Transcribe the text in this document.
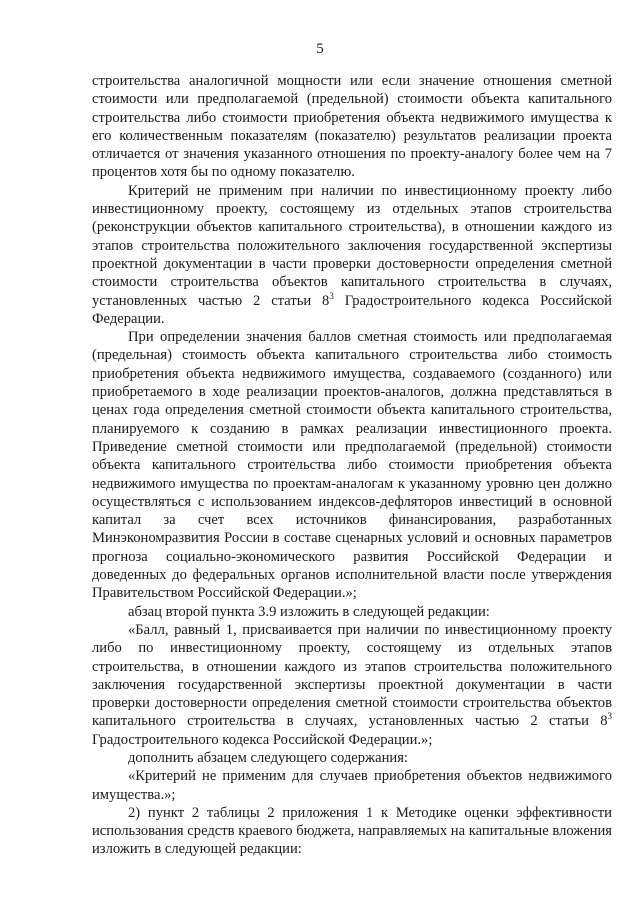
5

строительства аналогичной мощности или если значение отношения сметной стоимости или предполагаемой (предельной) стоимости объекта капитального строительства либо стоимости приобретения объекта недвижимого имущества к его количественным показателям (показателю) результатов реализации проекта отличается от значения указанного отношения по проекту-аналогу более чем на 7 процентов хотя бы по одному показателю.

Критерий не применим при наличии по инвестиционному проекту либо инвестиционному проекту, состоящему из отдельных этапов строительства (реконструкции объектов капитального строительства), в отношении каждого из этапов строительства положительного заключения государственной экспертизы проектной документации в части проверки достоверности определения сметной стоимости строительства объектов капитального строительства в случаях, установленных частью 2 статьи $8^3$ Градостроительного кодекса Российской Федерации.

При определении значения баллов сметная стоимость или предполагаемая (предельная) стоимость объекта капитального строительства либо стоимость приобретения объекта недвижимого имущества, создаваемого (созданного) или приобретаемого в ходе реализации проектов-аналогов, должна представляться в ценах года определения сметной стоимости объекта капитального строительства, планируемого к созданию в рамках реализации инвестиционного проекта. Приведение сметной стоимости или предполагаемой (предельной) стоимости объекта капитального строительства либо стоимости приобретения объекта недвижимого имущества по проектам-аналогам к указанному уровню цен должно осуществляться с использованием индексов-дефляторов инвестиций в основной капитал за счет всех источников финансирования, разработанных Минэкономразвития России в составе сценарных условий и основных параметров прогноза социально-экономического развития Российской Федерации и доведенных до федеральных органов исполнительной власти после утверждения Правительством Российской Федерации.»;

абзац второй пункта 3.9 изложить в следующей редакции:

«Балл, равный 1, присваивается при наличии по инвестиционному проекту либо по инвестиционному проекту, состоящему из отдельных этапов строительства, в отношении каждого из этапов строительства положительного заключения государственной экспертизы проектной документации в части проверки достоверности определения сметной стоимости строительства объектов капитального строительства в случаях, установленных частью 2 статьи $8^3$ Градостроительного кодекса Российской Федерации.»;

дополнить абзацем следующего содержания:

«Критерий не применим для случаев приобретения объектов недвижимого имущества.»;

2) пункт 2 таблицы 2 приложения 1 к Методике оценки эффективности использования средств краевого бюджета, направляемых на капитальные вложения изложить в следующей редакции:
